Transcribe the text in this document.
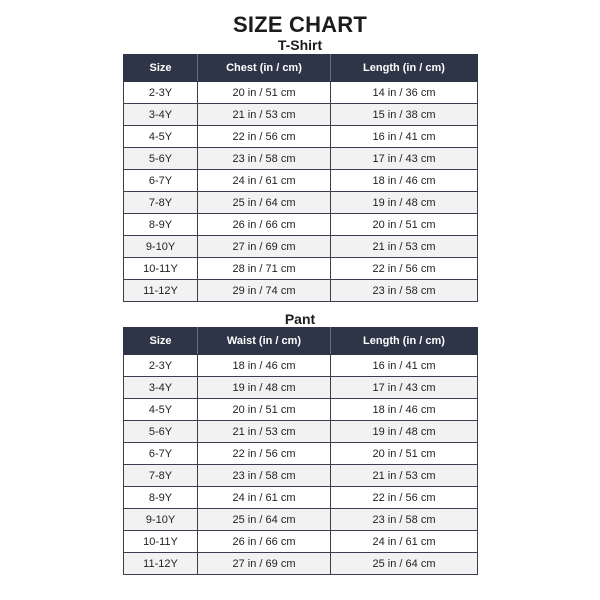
SIZE CHART
T-Shirt
Size	Chest (in / cm)	Length (in / cm)
2-3Y	20 in / 51 cm	14 in / 36 cm
3-4Y	21 in / 53 cm	15 in / 38 cm
4-5Y	22 in / 56 cm	16 in / 41 cm
5-6Y	23 in / 58 cm	17 in / 43 cm
6-7Y	24 in / 61 cm	18 in / 46 cm
7-8Y	25 in / 64 cm	19 in / 48 cm
8-9Y	26 in / 66 cm	20 in / 51 cm
9-10Y	27 in / 69 cm	21 in / 53 cm
10-11Y	28 in / 71 cm	22 in / 56 cm
11-12Y	29 in / 74 cm	23 in / 58 cm
Pant
Size	Waist (in / cm)	Length (in / cm)
2-3Y	18 in / 46 cm	16 in / 41 cm
3-4Y	19 in / 48 cm	17 in / 43 cm
4-5Y	20 in / 51 cm	18 in / 46 cm
5-6Y	21 in / 53 cm	19 in / 48 cm
6-7Y	22 in / 56 cm	20 in / 51 cm
7-8Y	23 in / 58 cm	21 in / 53 cm
8-9Y	24 in / 61 cm	22 in / 56 cm
9-10Y	25 in / 64 cm	23 in / 58 cm
10-11Y	26 in / 66 cm	24 in / 61 cm
11-12Y	27 in / 69 cm	25 in / 64 cm
